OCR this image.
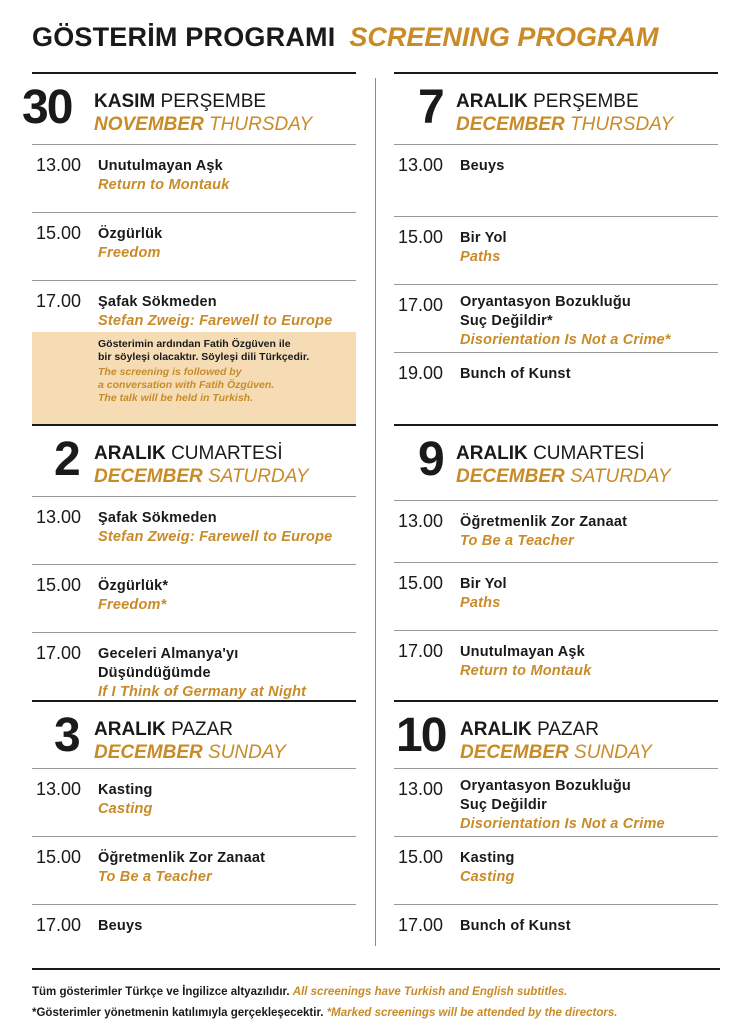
GÖSTERİM PROGRAMI SCREENING PROGRAM
30 KASIM PERŞEMBE
NOVEMBER THURSDAY
13.00 Unutulmayan Aşk
Return to Montauk
15.00 Özgürlük
Freedom
17.00 Şafak Sökmeden
Stefan Zweig: Farewell to Europe
Gösterimin ardından Fatih Özgüven ile
bir söyleşi olacaktır. Söyleşi dili Türkçedir.
The screening is followed by
a conversation with Fatih Özgüven.
The talk will be held in Turkish.
2 ARALIK CUMARTESİ
DECEMBER SATURDAY
13.00 Şafak Sökmeden
Stefan Zweig: Farewell to Europe
15.00 Özgürlük*
Freedom*
17.00 Geceleri Almanya'yı
Düşündüğümde
If I Think of Germany at Night
3 ARALIK PAZAR
DECEMBER SUNDAY
13.00 Kasting
Casting
15.00 Öğretmenlik Zor Zanaat
To Be a Teacher
17.00 Beuys
7 ARALIK PERŞEMBE
DECEMBER THURSDAY
13.00 Beuys
15.00 Bir Yol
Paths
17.00 Oryantasyon Bozukluğu
Suç Değildir*
Disorientation Is Not a Crime*
19.00 Bunch of Kunst
9 ARALIK CUMARTESİ
DECEMBER SATURDAY
13.00 Öğretmenlik Zor Zanaat
To Be a Teacher
15.00 Bir Yol
Paths
17.00 Unutulmayan Aşk
Return to Montauk
10 ARALIK PAZAR
DECEMBER SUNDAY
13.00 Oryantasyon Bozukluğu
Suç Değildir
Disorientation Is Not a Crime
15.00 Kasting
Casting
17.00 Bunch of Kunst
Tüm gösterimler Türkçe ve İngilizce altyazılıdır. All screenings have Turkish and English subtitles.
*Gösterimler yönetmenin katılımıyla gerçekleşecektir. *Marked screenings will be attended by the directors.
